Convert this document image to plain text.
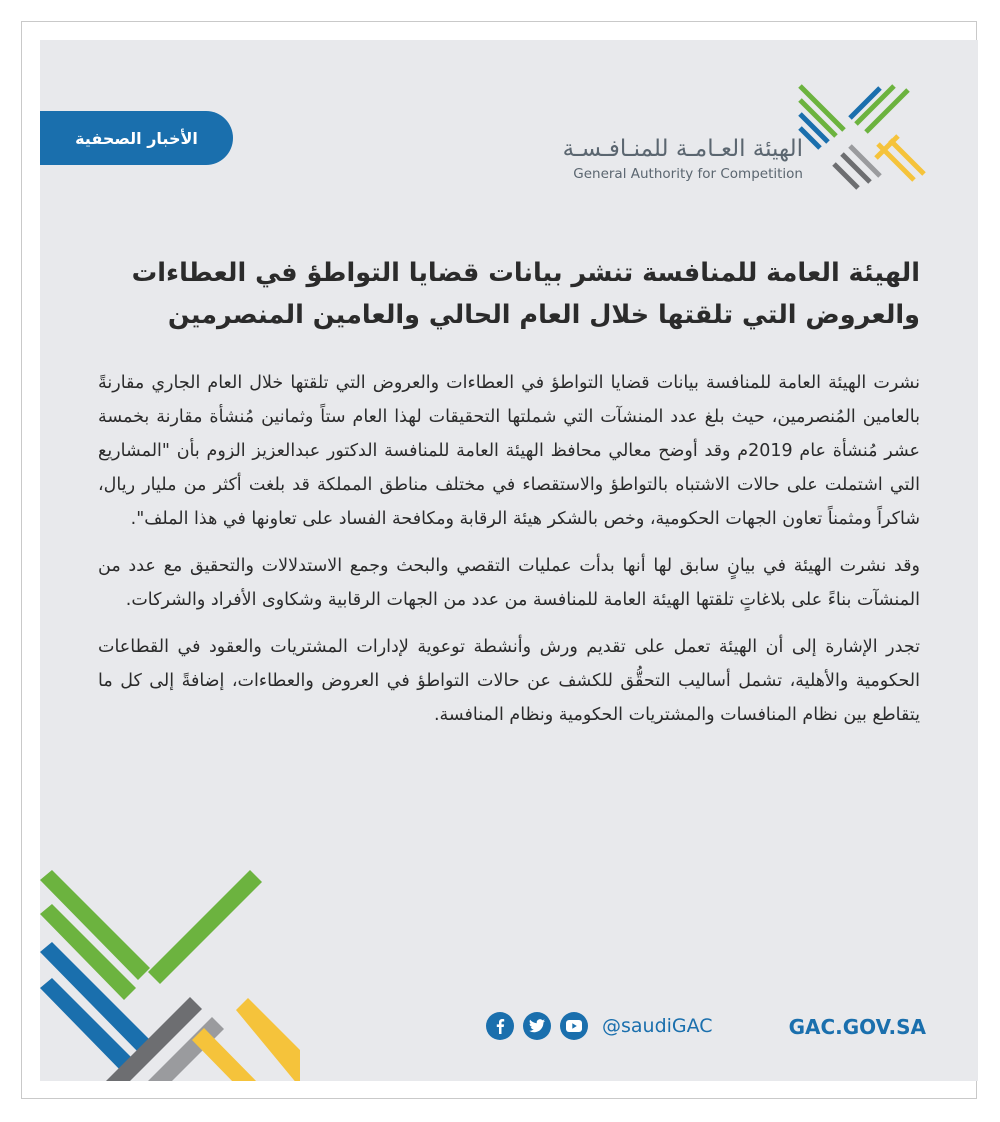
الأخبار الصحفية	الهيئة العـامـة للمنـافـسـة
General Authority for Competition
الهيئة العامة للمنافسة تنشر بيانات قضايا التواطؤ في العطاءات
والعروض التي تلقتها خلال العام الحالي والعامين المنصرمين

نشرت الهيئة العامة للمنافسة بيانات قضايا التواطؤ في العطاءات والعروض التي تلقتها خلال العام الجاري مقارنةً بالعامين المُنصرمين، حيث بلغ عدد المنشآت التي شملتها التحقيقات لهذا العام ستاً وثمانين مُنشأة مقارنة بخمسة عشر مُنشأة عام 2019م وقد أوضح معالي محافظ الهيئة العامة للمنافسة الدكتور عبدالعزيز الزوم بأن "المشاريع التي اشتملت على حالات الاشتباه بالتواطؤ والاستقصاء في مختلف مناطق المملكة قد بلغت أكثر من مليار ريال، شاكراً ومثمناً تعاون الجهات الحكومية، وخص بالشكر هيئة الرقابة ومكافحة الفساد على تعاونها في هذا الملف".

وقد نشرت الهيئة في بيانٍ سابق لها أنها بدأت عمليات التقصي والبحث وجمع الاستدلالات والتحقيق مع عدد من المنشآت بناءً على بلاغاتٍ تلقتها الهيئة العامة للمنافسة من عدد من الجهات الرقابية وشكاوى الأفراد والشركات.

تجدر الإشارة إلى أن الهيئة تعمل على تقديم ورش وأنشطة توعوية لإدارات المشتريات والعقود في القطاعات الحكومية والأهلية، تشمل أساليب التحقُّق للكشف عن حالات التواطؤ في العروض والعطاءات، إضافةً إلى كل ما يتقاطع بين نظام المنافسات والمشتريات الحكومية ونظام المنافسة.

@saudiGAC	GAC.GOV.SA
